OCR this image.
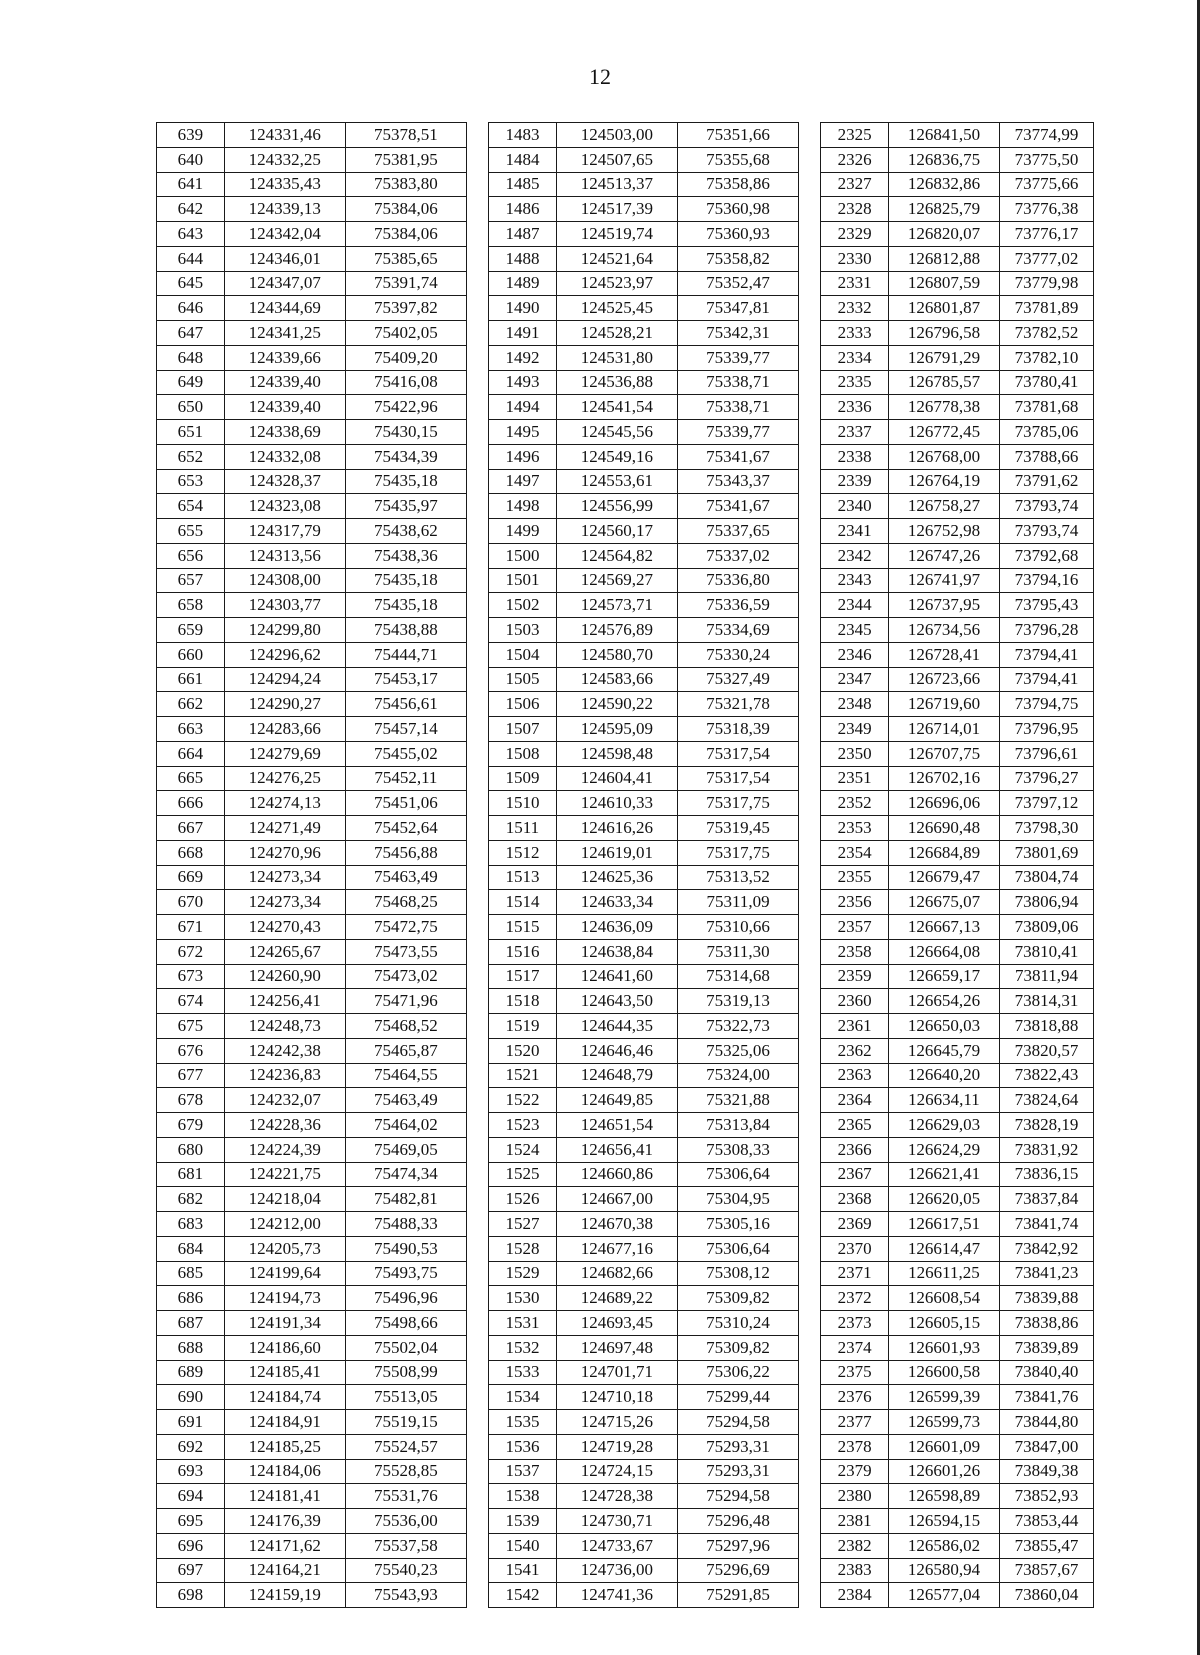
12
639	124331,46	75378,51		1483	124503,00	75351,66		2325	126841,50	73774,99
640	124332,25	75381,95		1484	124507,65	75355,68		2326	126836,75	73775,50
641	124335,43	75383,80		1485	124513,37	75358,86		2327	126832,86	73775,66
642	124339,13	75384,06		1486	124517,39	75360,98		2328	126825,79	73776,38
643	124342,04	75384,06		1487	124519,74	75360,93		2329	126820,07	73776,17
644	124346,01	75385,65		1488	124521,64	75358,82		2330	126812,88	73777,02
645	124347,07	75391,74		1489	124523,97	75352,47		2331	126807,59	73779,98
646	124344,69	75397,82		1490	124525,45	75347,81		2332	126801,87	73781,89
647	124341,25	75402,05		1491	124528,21	75342,31		2333	126796,58	73782,52
648	124339,66	75409,20		1492	124531,80	75339,77		2334	126791,29	73782,10
649	124339,40	75416,08		1493	124536,88	75338,71		2335	126785,57	73780,41
650	124339,40	75422,96		1494	124541,54	75338,71		2336	126778,38	73781,68
651	124338,69	75430,15		1495	124545,56	75339,77		2337	126772,45	73785,06
652	124332,08	75434,39		1496	124549,16	75341,67		2338	126768,00	73788,66
653	124328,37	75435,18		1497	124553,61	75343,37		2339	126764,19	73791,62
654	124323,08	75435,97		1498	124556,99	75341,67		2340	126758,27	73793,74
655	124317,79	75438,62		1499	124560,17	75337,65		2341	126752,98	73793,74
656	124313,56	75438,36		1500	124564,82	75337,02		2342	126747,26	73792,68
657	124308,00	75435,18		1501	124569,27	75336,80		2343	126741,97	73794,16
658	124303,77	75435,18		1502	124573,71	75336,59		2344	126737,95	73795,43
659	124299,80	75438,88		1503	124576,89	75334,69		2345	126734,56	73796,28
660	124296,62	75444,71		1504	124580,70	75330,24		2346	126728,41	73794,41
661	124294,24	75453,17		1505	124583,66	75327,49		2347	126723,66	73794,41
662	124290,27	75456,61		1506	124590,22	75321,78		2348	126719,60	73794,75
663	124283,66	75457,14		1507	124595,09	75318,39		2349	126714,01	73796,95
664	124279,69	75455,02		1508	124598,48	75317,54		2350	126707,75	73796,61
665	124276,25	75452,11		1509	124604,41	75317,54		2351	126702,16	73796,27
666	124274,13	75451,06		1510	124610,33	75317,75		2352	126696,06	73797,12
667	124271,49	75452,64		1511	124616,26	75319,45		2353	126690,48	73798,30
668	124270,96	75456,88		1512	124619,01	75317,75		2354	126684,89	73801,69
669	124273,34	75463,49		1513	124625,36	75313,52		2355	126679,47	73804,74
670	124273,34	75468,25		1514	124633,34	75311,09		2356	126675,07	73806,94
671	124270,43	75472,75		1515	124636,09	75310,66		2357	126667,13	73809,06
672	124265,67	75473,55		1516	124638,84	75311,30		2358	126664,08	73810,41
673	124260,90	75473,02		1517	124641,60	75314,68		2359	126659,17	73811,94
674	124256,41	75471,96		1518	124643,50	75319,13		2360	126654,26	73814,31
675	124248,73	75468,52		1519	124644,35	75322,73		2361	126650,03	73818,88
676	124242,38	75465,87		1520	124646,46	75325,06		2362	126645,79	73820,57
677	124236,83	75464,55		1521	124648,79	75324,00		2363	126640,20	73822,43
678	124232,07	75463,49		1522	124649,85	75321,88		2364	126634,11	73824,64
679	124228,36	75464,02		1523	124651,54	75313,84		2365	126629,03	73828,19
680	124224,39	75469,05		1524	124656,41	75308,33		2366	126624,29	73831,92
681	124221,75	75474,34		1525	124660,86	75306,64		2367	126621,41	73836,15
682	124218,04	75482,81		1526	124667,00	75304,95		2368	126620,05	73837,84
683	124212,00	75488,33		1527	124670,38	75305,16		2369	126617,51	73841,74
684	124205,73	75490,53		1528	124677,16	75306,64		2370	126614,47	73842,92
685	124199,64	75493,75		1529	124682,66	75308,12		2371	126611,25	73841,23
686	124194,73	75496,96		1530	124689,22	75309,82		2372	126608,54	73839,88
687	124191,34	75498,66		1531	124693,45	75310,24		2373	126605,15	73838,86
688	124186,60	75502,04		1532	124697,48	75309,82		2374	126601,93	73839,89
689	124185,41	75508,99		1533	124701,71	75306,22		2375	126600,58	73840,40
690	124184,74	75513,05		1534	124710,18	75299,44		2376	126599,39	73841,76
691	124184,91	75519,15		1535	124715,26	75294,58		2377	126599,73	73844,80
692	124185,25	75524,57		1536	124719,28	75293,31		2378	126601,09	73847,00
693	124184,06	75528,85		1537	124724,15	75293,31		2379	126601,26	73849,38
694	124181,41	75531,76		1538	124728,38	75294,58		2380	126598,89	73852,93
695	124176,39	75536,00		1539	124730,71	75296,48		2381	126594,15	73853,44
696	124171,62	75537,58		1540	124733,67	75297,96		2382	126586,02	73855,47
697	124164,21	75540,23		1541	124736,00	75296,69		2383	126580,94	73857,67
698	124159,19	75543,93		1542	124741,36	75291,85		2384	126577,04	73860,04
